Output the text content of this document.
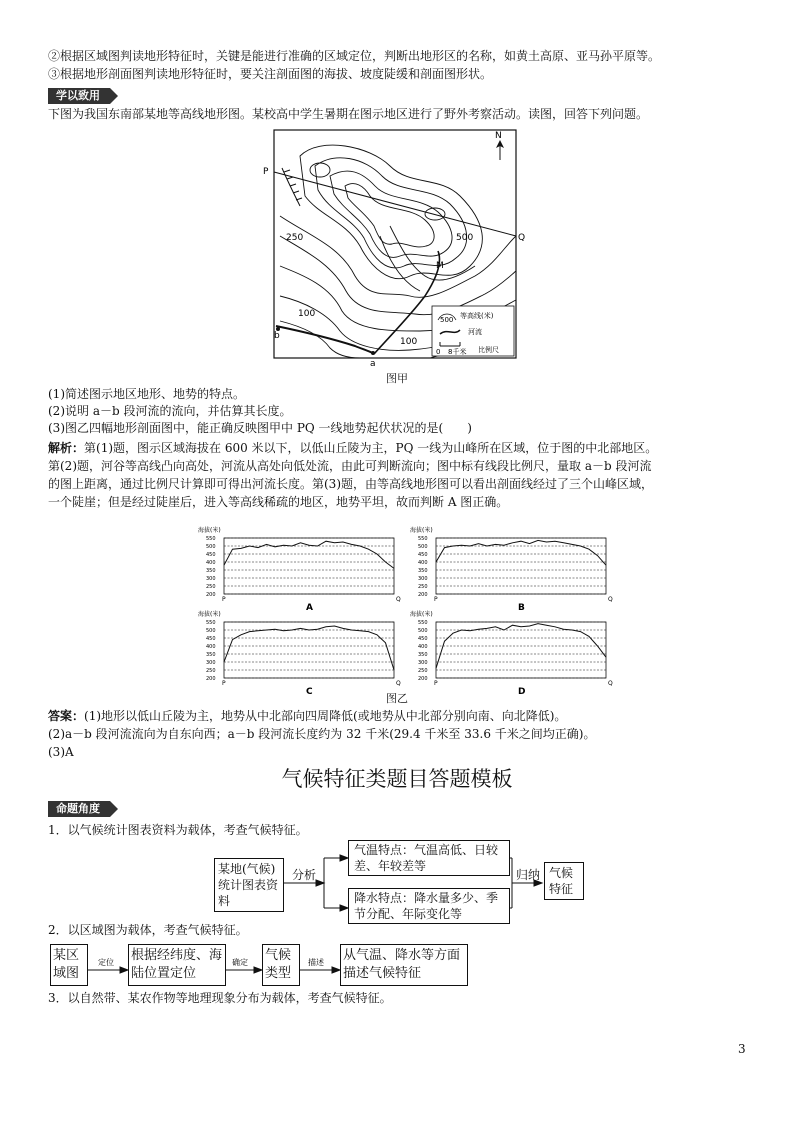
②根据区域图判读地形特征时，关键是能进行准确的区域定位，判断出地形区的名称，如黄土高原、亚马孙平原等。
③根据地形剖面图判读地形特征时，要关注剖面图的海拔、坡度陡缓和剖面图形状。
学以致用
下图为我国东南部某地等高线地形图。某校高中学生暑期在图示地区进行了野外考察活动。读图，回答下列问题。
N
P
Q
M
a
b
250	500
100
100
500 等高线(米)
河流
0 8千米 比例尺
图甲
(1)简述图示地区地形、地势的特点。
(2)说明 a－b 段河流的流向，并估算其长度。
(3)图乙四幅地形剖面图中，能正确反映图甲中 PQ 一线地势起伏状况的是(　　)
解析：第(1)题，图示区域海拔在 600 米以下，以低山丘陵为主，PQ 一线为山峰所在区域，位于图的中北部地区。
第(2)题，河谷等高线凸向高处，河流从高处向低处流，由此可判断流向；图中标有线段比例尺，量取 a－b 段河流
的图上距离，通过比例尺计算即可得出河流长度。第(3)题，由等高线地形图可以看出剖面线经过了三个山峰区域，
一个陡崖；但是经过陡崖后，进入等高线稀疏的地区，地势平坦，故而判断 A 图正确。
海拔(米)
550
500
450
400
350
300
250
200
P	Q
A
海拔(米)
550
500
450
400
350
300
250
200
P	Q
B
海拔(米)
550
500
450
400
350
300
250
200
P	Q
C
海拔(米)
550
500
450
400
350
300
250
200
P	Q
D
图乙
答案：(1)地形以低山丘陵为主，地势从中北部向四周降低(或地势从中北部分别向南、向北降低)。
(2)a－b 段河流流向为自东向西；a－b 段河流长度约为 32 千米(29.4 千米至 33.6 千米之间均正确)。
(3)A
气候特征类题目答题模板
命题角度
1．以气候统计图表资料为载体，考查气候特征。
某地(气候)统计图表资料
分析
气温特点：气温高低、日较差、年较差等
降水特点：降水量多少、季节分配、年际变化等
归纳 气候特征
2．以区域图为载体，考查气候特征。
定位	确定	描述
某区域图
根据经纬度、海陆位置定位
气候类型
从气温、降水等方面描述气候特征
3．以自然带、某农作物等地理现象分布为载体，考查气候特征。
3
